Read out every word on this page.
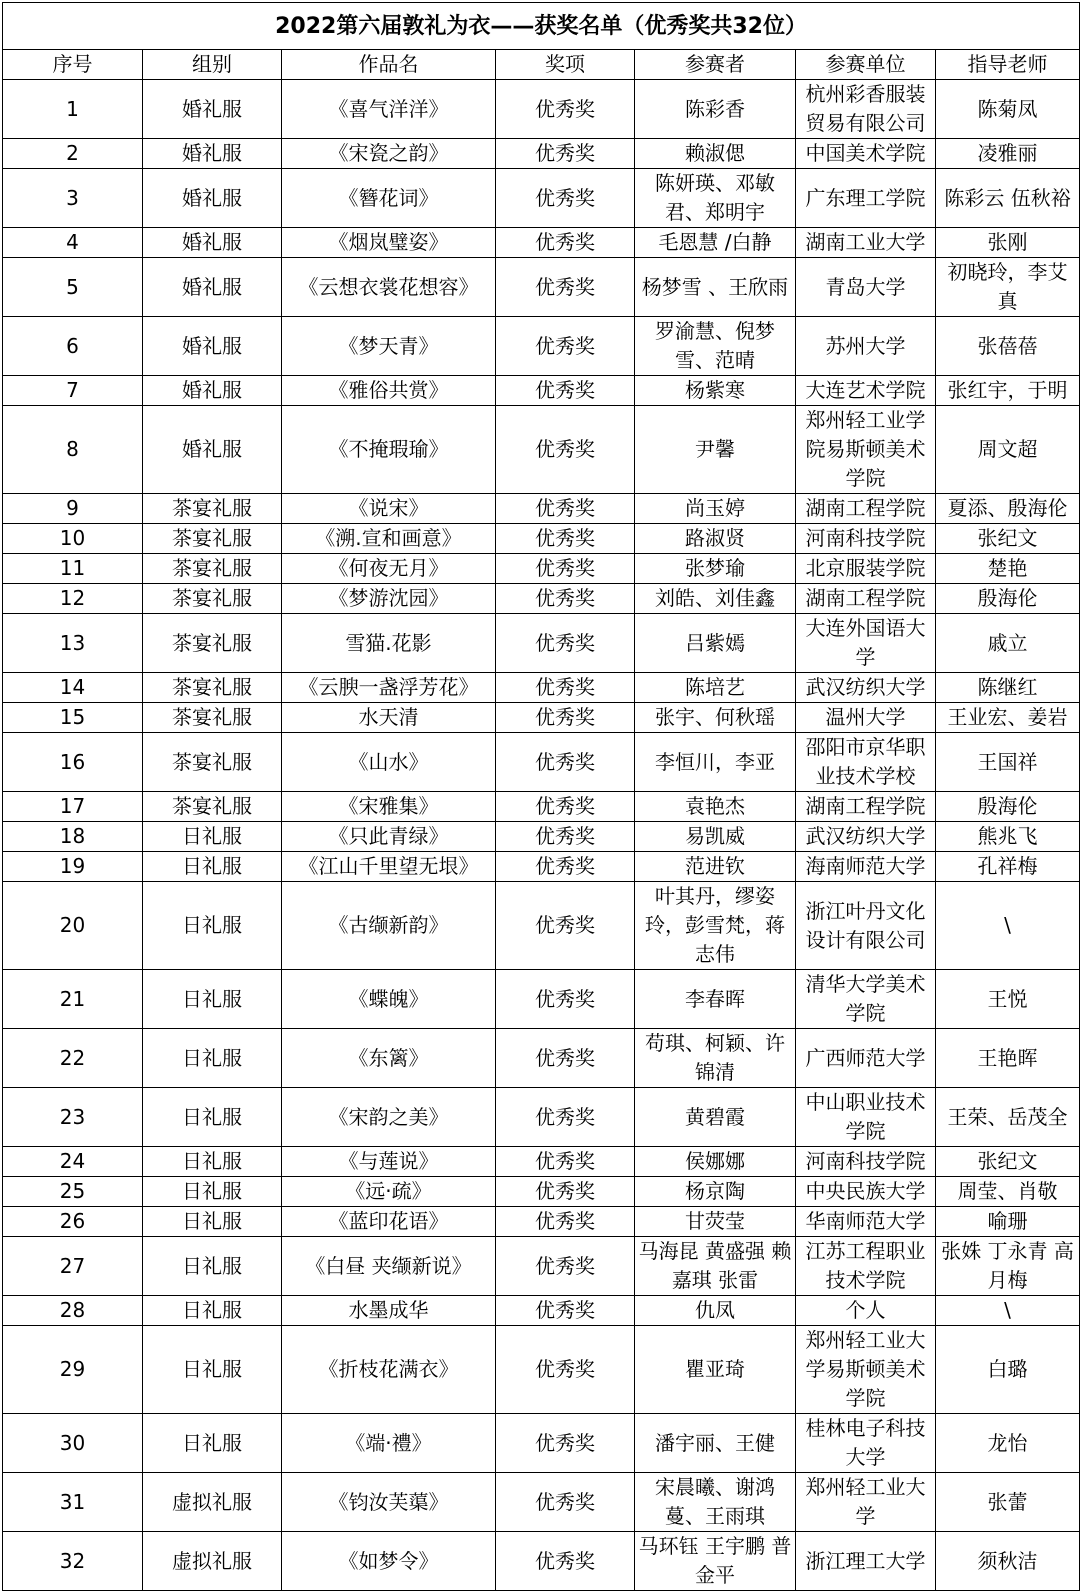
2022第六届敦礼为衣——获奖名单（优秀奖共32位）						
序号	组别	作品名	奖项	参赛者	参赛单位	指导老师
1	婚礼服	《喜气洋洋》	优秀奖	陈彩香	杭州彩香服装贸易有限公司	陈菊凤
2	婚礼服	《宋瓷之韵》	优秀奖	赖淑偲	中国美术学院	凌雅丽
3	婚礼服	《簪花词》	优秀奖	陈妍瑛、邓敏君、郑明宇	广东理工学院	陈彩云 伍秋裕
4	婚礼服	《烟岚璧姿》	优秀奖	毛恩慧 /白静	湖南工业大学	张刚
5	婚礼服	《云想衣裳花想容》	优秀奖	杨梦雪 、王欣雨	青岛大学	初晓玲，李艾真
6	婚礼服	《梦天青》	优秀奖	罗渝慧、倪梦雪、范晴	苏州大学	张蓓蓓
7	婚礼服	《雅俗共赏》	优秀奖	杨紫寒	大连艺术学院	张红宇，于明
8	婚礼服	《不掩瑕瑜》	优秀奖	尹馨	郑州轻工业学院易斯顿美术学院	周文超
9	茶宴礼服	《说宋》	优秀奖	尚玉婷	湖南工程学院	夏添、殷海伦
10	茶宴礼服	《溯.宣和画意》	优秀奖	路淑贤	河南科技学院	张纪文
11	茶宴礼服	《何夜无月》	优秀奖	张梦瑜	北京服装学院	楚艳
12	茶宴礼服	《梦游沈园》	优秀奖	刘皓、刘佳鑫	湖南工程学院	殷海伦
13	茶宴礼服	雪猫.花影	优秀奖	吕紫嫣	大连外国语大学	戚立
14	茶宴礼服	《云腴一盏浮芳花》	优秀奖	陈培艺	武汉纺织大学	陈继红
15	茶宴礼服	水天清	优秀奖	张宇、何秋瑶	温州大学	王业宏、姜岩
16	茶宴礼服	《山水》	优秀奖	李恒川，李亚	邵阳市京华职业技术学校	王国祥
17	茶宴礼服	《宋雅集》	优秀奖	袁艳杰	湖南工程学院	殷海伦
18	日礼服	《只此青绿》	优秀奖	易凯威	武汉纺织大学	熊兆飞
19	日礼服	《江山千里望无垠》	优秀奖	范进钦	海南师范大学	孔祥梅
20	日礼服	《古缬新韵》	优秀奖	叶其丹，缪姿玲，彭雪梵，蒋志伟	浙江叶丹文化设计有限公司	\
21	日礼服	《蝶魄》	优秀奖	李春晖	清华大学美术学院	王悦
22	日礼服	《东篱》	优秀奖	苟琪、柯颖、许锦清	广西师范大学	王艳晖
23	日礼服	《宋韵之美》	优秀奖	黄碧霞	中山职业技术学院	王荣、岳茂全
24	日礼服	《与莲说》	优秀奖	侯娜娜	河南科技学院	张纪文
25	日礼服	《远·疏》	优秀奖	杨京陶	中央民族大学	周莹、肖敬
26	日礼服	《蓝印花语》	优秀奖	甘荧莹	华南师范大学	喻珊
27	日礼服	《白昼 夹缬新说》	优秀奖	马海昆 黄盛强 赖嘉琪 张雷	江苏工程职业技术学院	张姝 丁永青 高月梅
28	日礼服	水墨成华	优秀奖	仇凤	个人	\
29	日礼服	《折枝花满衣》	优秀奖	瞿亚琦	郑州轻工业大学易斯顿美术学院	白璐
30	日礼服	《端·禮》	优秀奖	潘宇丽、王健	桂林电子科技大学	龙怡
31	虚拟礼服	《钧汝芙蕖》	优秀奖	宋晨曦、谢鸿蔓、王雨琪	郑州轻工业大学	张蕾
32	虚拟礼服	《如梦令》	优秀奖	马环钰 王宇鹏 普金平	浙江理工大学	须秋洁
